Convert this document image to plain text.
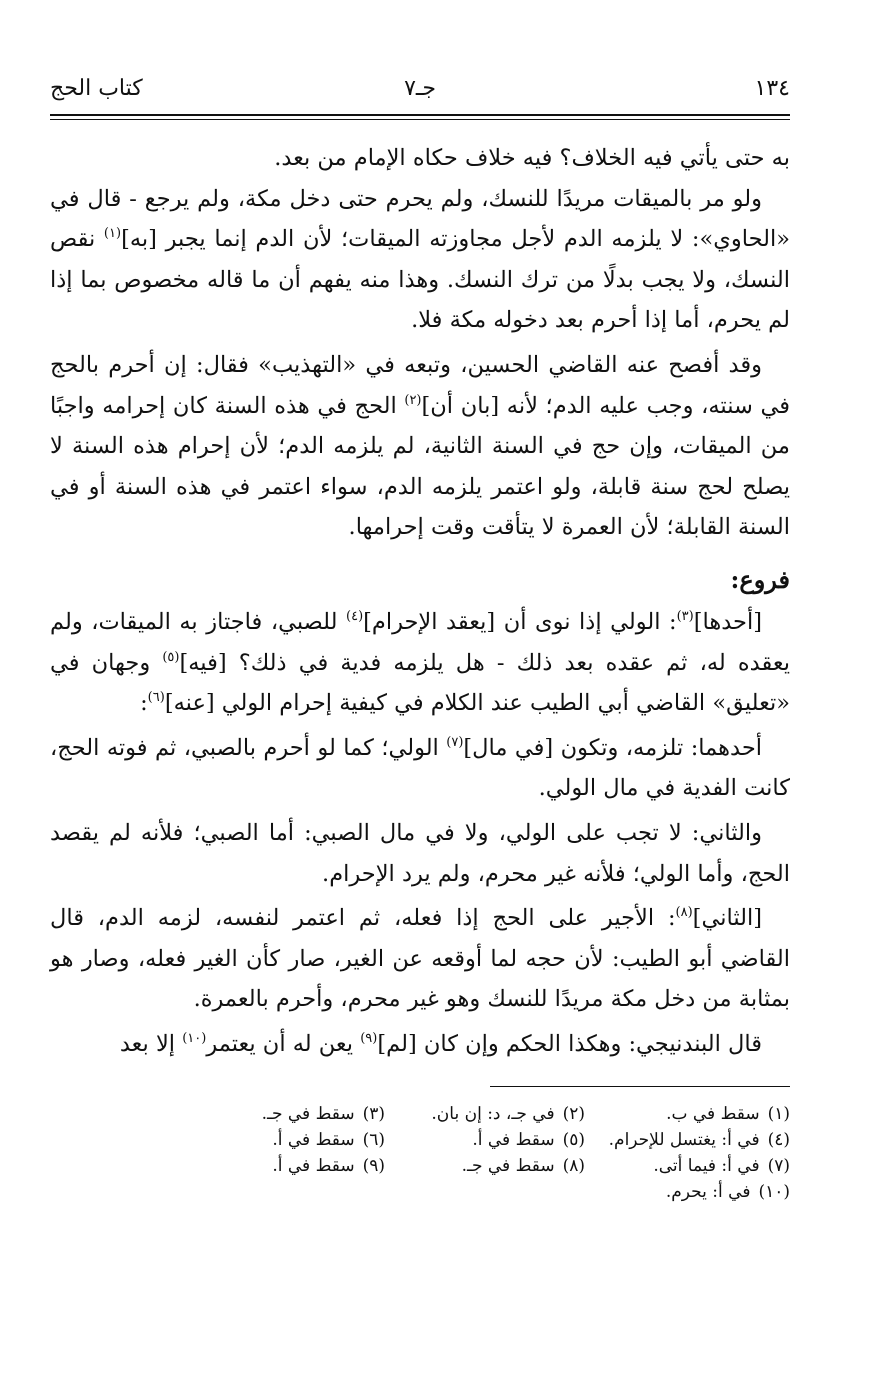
١٣٤
جـ٧
كتاب الحج

به حتى يأتي فيه الخلاف؟ فيه خلاف حكاه الإمام من بعد.

ولو مر بالميقات مريدًا للنسك، ولم يحرم حتى دخل مكة، ولم يرجع - قال في «الحاوي»: لا يلزمه الدم لأجل مجاوزته الميقات؛ لأن الدم إنما يجبر [به]$^{(١)}$ نقص النسك، ولا يجب بدلًا من ترك النسك. وهذا منه يفهم أن ما قاله مخصوص بما إذا لم يحرم، أما إذا أحرم بعد دخوله مكة فلا.

وقد أفصح عنه القاضي الحسين، وتبعه في «التهذيب» فقال: إن أحرم بالحج في سنته، وجب عليه الدم؛ لأنه [بان أن]$^{(٢)}$ الحج في هذه السنة كان إحرامه واجبًا من الميقات، وإن حج في السنة الثانية، لم يلزمه الدم؛ لأن إحرام هذه السنة لا يصلح لحج سنة قابلة، ولو اعتمر يلزمه الدم، سواء اعتمر في هذه السنة أو في السنة القابلة؛ لأن العمرة لا يتأقت وقت إحرامها.

فروع:

[أحدها]$^{(٣)}$: الولي إذا نوى أن [يعقد الإحرام]$^{(٤)}$ للصبي، فاجتاز به الميقات، ولم يعقده له، ثم عقده بعد ذلك - هل يلزمه فدية في ذلك؟ [فيه]$^{(٥)}$ وجهان في «تعليق» القاضي أبي الطيب عند الكلام في كيفية إحرام الولي [عنه]$^{(٦)}$:

أحدهما: تلزمه، وتكون [في مال]$^{(٧)}$ الولي؛ كما لو أحرم بالصبي، ثم فوته الحج، كانت الفدية في مال الولي.

والثاني: لا تجب على الولي، ولا في مال الصبي: أما الصبي؛ فلأنه لم يقصد الحج، وأما الولي؛ فلأنه غير محرم، ولم يرد الإحرام.

[الثاني]$^{(٨)}$: الأجير على الحج إذا فعله، ثم اعتمر لنفسه، لزمه الدم، قال القاضي أبو الطيب: لأن حجه لما أوقعه عن الغير، صار كأن الغير فعله، وصار هو بمثابة من دخل مكة مريدًا للنسك وهو غير محرم، وأحرم بالعمرة.

قال البندنيجي: وهكذا الحكم وإن كان [لم]$^{(٩)}$ يعن له أن يعتمر$^{(١٠)}$ إلا بعد

(١)سقط في ب.
(٢)في جـ، د: إن بان.
(٣)سقط في جـ.
(٤)في أ: يغتسل للإحرام.
(٥)سقط في أ.
(٦)سقط في أ.
(٧)في أ: فيما أتى.
(٨)سقط في جـ.
(٩)سقط في أ.
(١٠)في أ: يحرم.
